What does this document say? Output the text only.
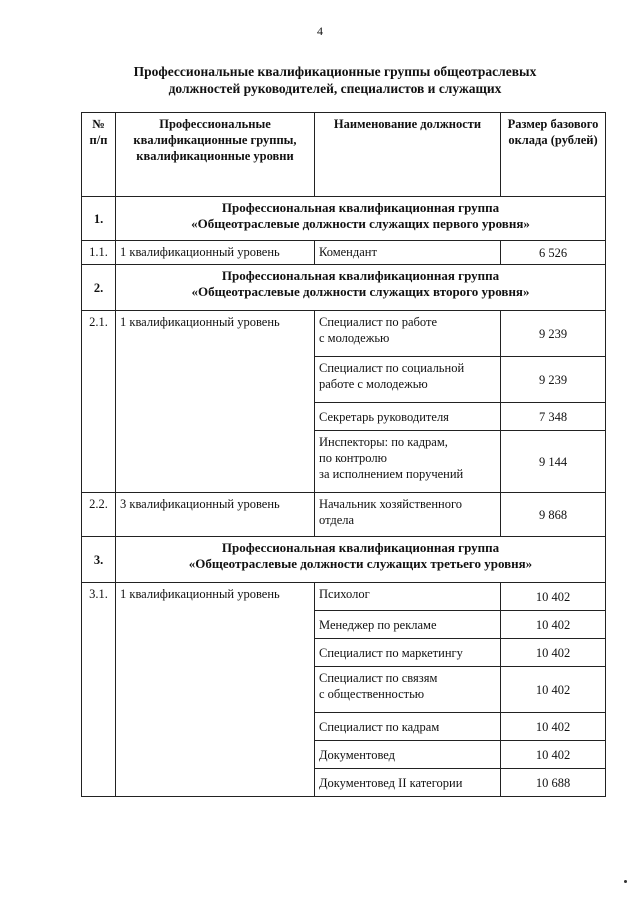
4
Профессиональные квалификационные группы общеотраслевых
должностей руководителей, специалистов и служащих
№ п/п	Профессиональные квалификационные группы, квалификационные уровни	Наименование должности	Размер базового оклада (рублей)
1.	Профессиональная квалификационная группа
«Общеотраслевые должности служащих первого уровня»		

1.1.	1 квалификационный уровень	Комендант	6 526
2.	Профессиональная квалификационная группа
«Общеотраслевые должности служащих второго уровня»		

2.1.	1 квалификационный уровень	Специалист по работе
с молодежью	9 239

		Специалист по социальной
работе с молодежью	9 239
		Секретарь руководителя	7 348

		Инспекторы: по кадрам,
по контролю
за исполнением поручений	9 144
2.2.	3 квалификационный уровень	Начальник хозяйственного
отдела	9 868
3.	Профессиональная квалификационная группа
«Общеотраслевые должности служащих третьего уровня»		

3.1.	1 квалификационный уровень	Психолог	10 402
		Менеджер по рекламе	10 402
		Специалист по маркетингу	10 402

		Специалист по связям
с общественностью	10 402
		Специалист по кадрам	10 402
		Документовед	10 402
		Документовед II категории	10 688
